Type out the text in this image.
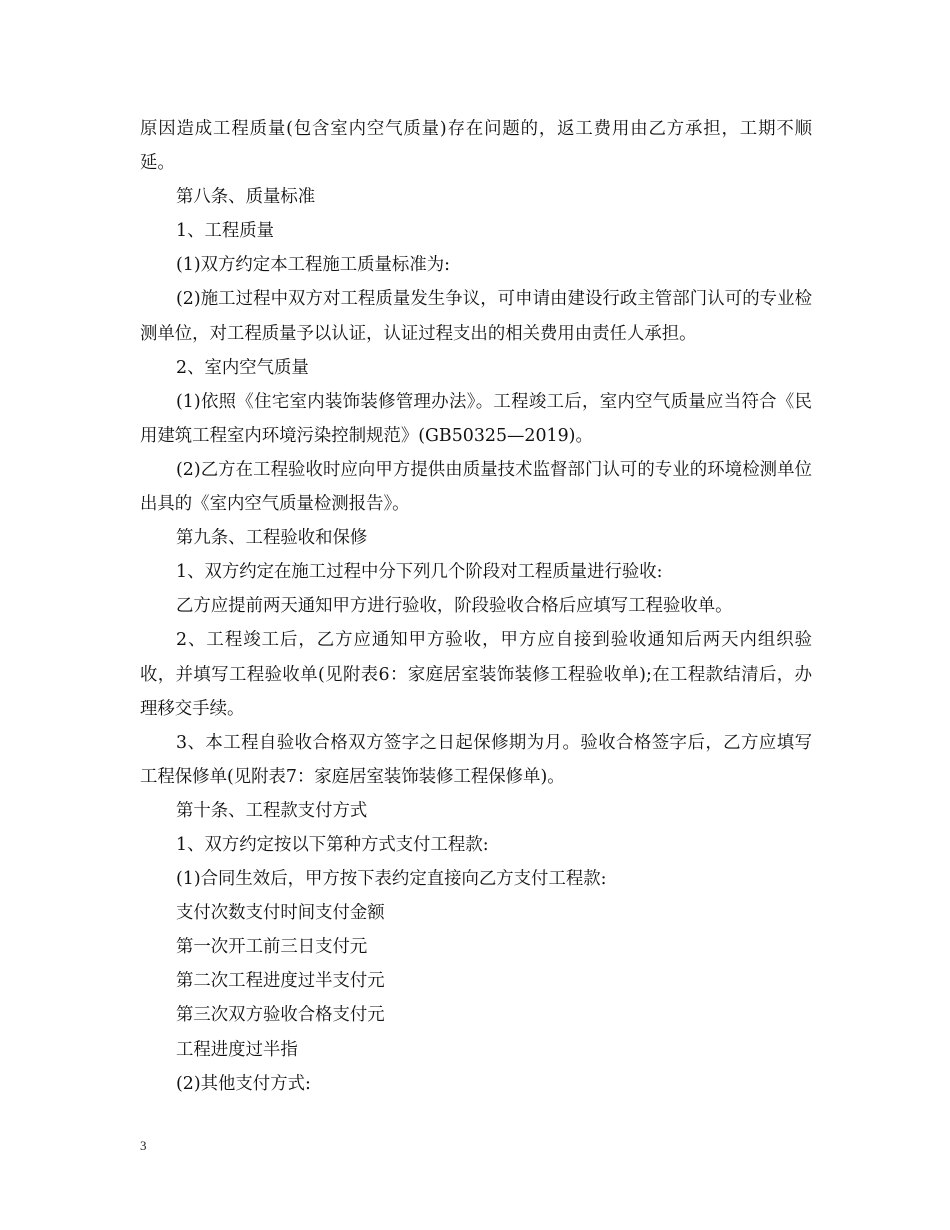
原因造成工程质量(包含室内空气质量)存在问题的，返工费用由乙方承担，工期不顺延。

第八条、质量标准

1、工程质量

(1)双方约定本工程施工质量标准为:

(2)施工过程中双方对工程质量发生争议，可申请由建设行政主管部门认可的专业检测单位，对工程质量予以认证，认证过程支出的相关费用由责任人承担。

2、室内空气质量

(1)依照《住宅室内装饰装修管理办法》。工程竣工后，室内空气质量应当符合《民用建筑工程室内环境污染控制规范》(GB50325—2019)。

(2)乙方在工程验收时应向甲方提供由质量技术监督部门认可的专业的环境检测单位出具的《室内空气质量检测报告》。

第九条、工程验收和保修

1、双方约定在施工过程中分下列几个阶段对工程质量进行验收:

乙方应提前两天通知甲方进行验收，阶段验收合格后应填写工程验收单。

2、工程竣工后，乙方应通知甲方验收，甲方应自接到验收通知后两天内组织验收，并填写工程验收单(见附表6：家庭居室装饰装修工程验收单);在工程款结清后，办理移交手续。

3、本工程自验收合格双方签字之日起保修期为月。验收合格签字后，乙方应填写工程保修单(见附表7：家庭居室装饰装修工程保修单)。

第十条、工程款支付方式

1、双方约定按以下第种方式支付工程款:

(1)合同生效后，甲方按下表约定直接向乙方支付工程款:

支付次数支付时间支付金额

第一次开工前三日支付元

第二次工程进度过半支付元

第三次双方验收合格支付元

工程进度过半指

(2)其他支付方式:

3
